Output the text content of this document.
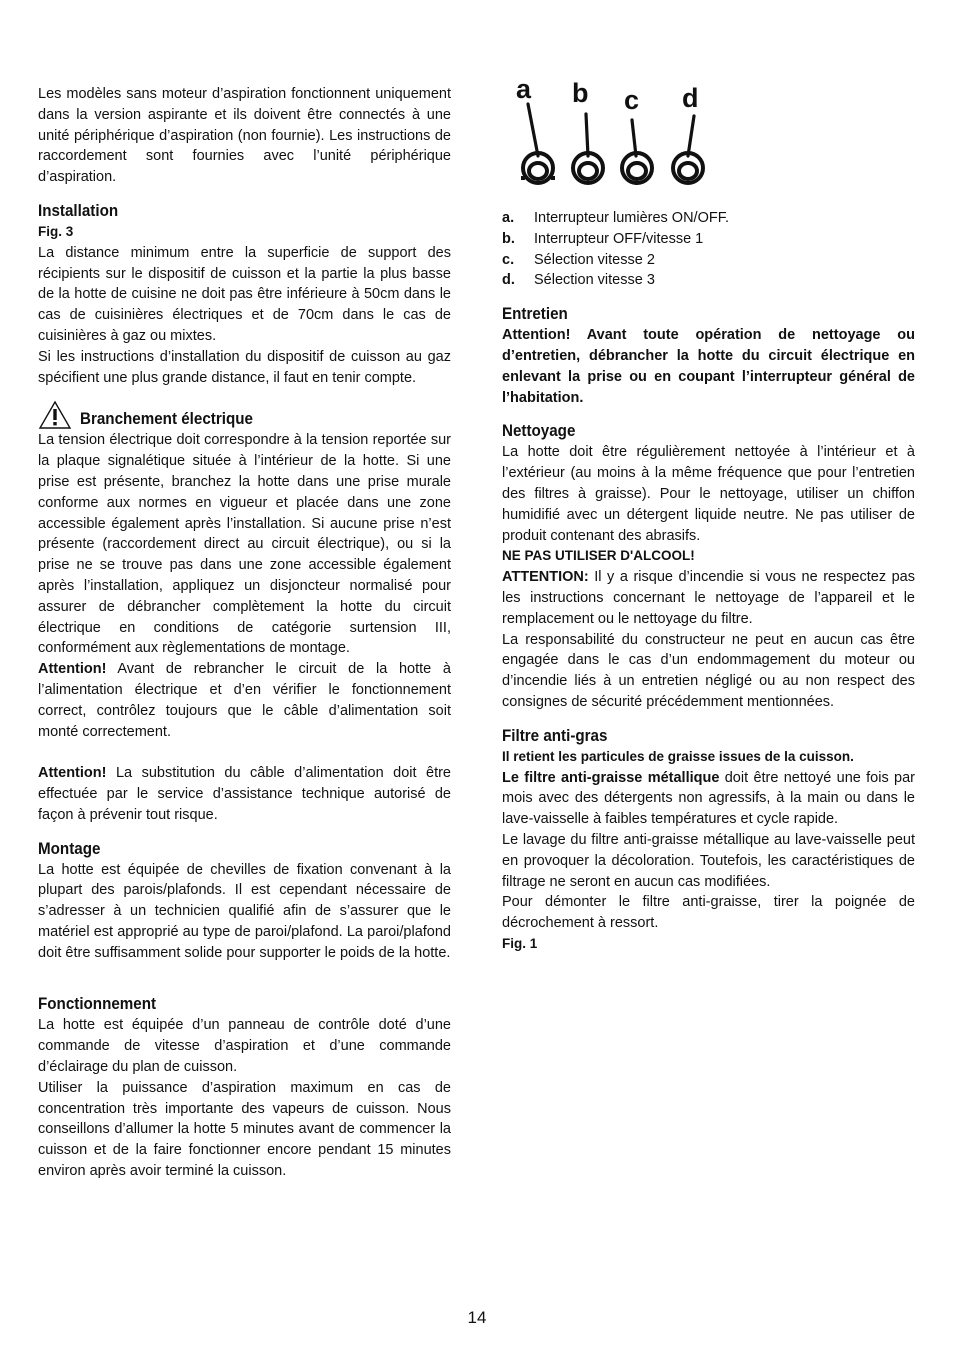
Les modèles sans moteur d’aspiration fonctionnent uniquement dans la version aspirante et ils doivent être connectés à une unité périphérique d’aspiration (non fournie). Les instructions de raccordement sont fournies avec l’unité périphérique d’aspiration.

Installation
Fig. 3

La distance minimum entre la superficie de support des récipients sur le dispositif de cuisson et la partie la plus basse de la hotte de cuisine ne doit pas être inférieure à 50cm dans le cas de cuisinières électriques et de 70cm dans le cas de cuisinières à gaz ou mixtes.

Si les instructions d’installation du dispositif de cuisson au gaz spécifient une plus grande distance, il faut en tenir compte.

Branchement électrique

La tension électrique doit correspondre à la tension reportée sur la plaque signalétique située à l’intérieur de la hotte. Si une prise est présente, branchez la hotte dans une prise murale conforme aux normes en vigueur et placée dans une zone accessible également après l’installation. Si aucune prise n’est présente (raccordement direct au circuit électrique), ou si la prise ne se trouve pas dans une zone accessible également après l’installation, appliquez un disjoncteur normalisé pour assurer de débrancher complètement la hotte du circuit électrique en conditions de catégorie surtension III, conformément aux règlementations de montage.

Attention! Avant de rebrancher le circuit de la hotte à l’alimentation électrique et d’en vérifier le fonctionnement correct, contrôlez toujours que le câble d’alimentation soit monté correctement.

Attention! La substitution du câble d’alimentation doit être effectuée par le service d’assistance technique autorisé de façon à prévenir tout risque.

Montage

La hotte est équipée de chevilles de fixation convenant à la plupart des parois/plafonds. Il est cependant nécessaire de s’adresser à un technicien qualifié afin de s’assurer que le matériel est approprié au type de paroi/plafond. La paroi/plafond doit être suffisamment solide pour supporter le poids de la hotte.

Fonctionnement

La hotte est équipée d’un panneau de contrôle doté d’une commande de vitesse d’aspiration et d’une commande d’éclairage du plan de cuisson.

Utiliser la puissance d’aspiration maximum en cas de concentration très importante des vapeurs de cuisson. Nous conseillons d’allumer la hotte 5 minutes avant de commencer la cuisson et de la faire fonctionner encore pendant 15 minutes environ après avoir terminé la cuisson.

a b c d
a.	Interrupteur lumières ON/OFF.
b.	Interrupteur OFF/vitesse 1
c.	Sélection vitesse 2
d.	Sélection vitesse 3
Entretien

Attention! Avant toute opération de nettoyage ou d’entretien, débrancher la hotte du circuit électrique en enlevant la prise ou en coupant l’interrupteur général de l’habitation.

Nettoyage

La hotte doit être régulièrement nettoyée à l’intérieur et à l’extérieur (au moins à la même fréquence que pour l’entretien des filtres à graisse). Pour le nettoyage, utiliser un chiffon humidifié avec un détergent liquide neutre. Ne pas utiliser de produit contenant des abrasifs.

NE PAS UTILISER D'ALCOOL!

ATTENTION: Il y a risque d’incendie si vous ne respectez pas les instructions concernant le nettoyage de l’appareil et le remplacement ou le nettoyage du filtre.

La responsabilité du constructeur ne peut en aucun cas être engagée dans le cas d’un endommagement du moteur ou d’incendie liés à un entretien négligé ou au non respect des consignes de sécurité précédemment mentionnées.

Filtre anti-gras

Il retient les particules de graisse issues de la cuisson.

Le filtre anti-graisse métallique doit être nettoyé une fois par mois avec des détergents non agressifs, à la main ou dans le lave-vaisselle à faibles températures et cycle rapide.

Le lavage du filtre anti-graisse métallique au lave-vaisselle peut en provoquer la décoloration. Toutefois, les caractéristiques de filtrage ne seront en aucun cas modifiées.

Pour démonter le filtre anti-graisse, tirer la poignée de décrochement à ressort.

Fig. 1
14
